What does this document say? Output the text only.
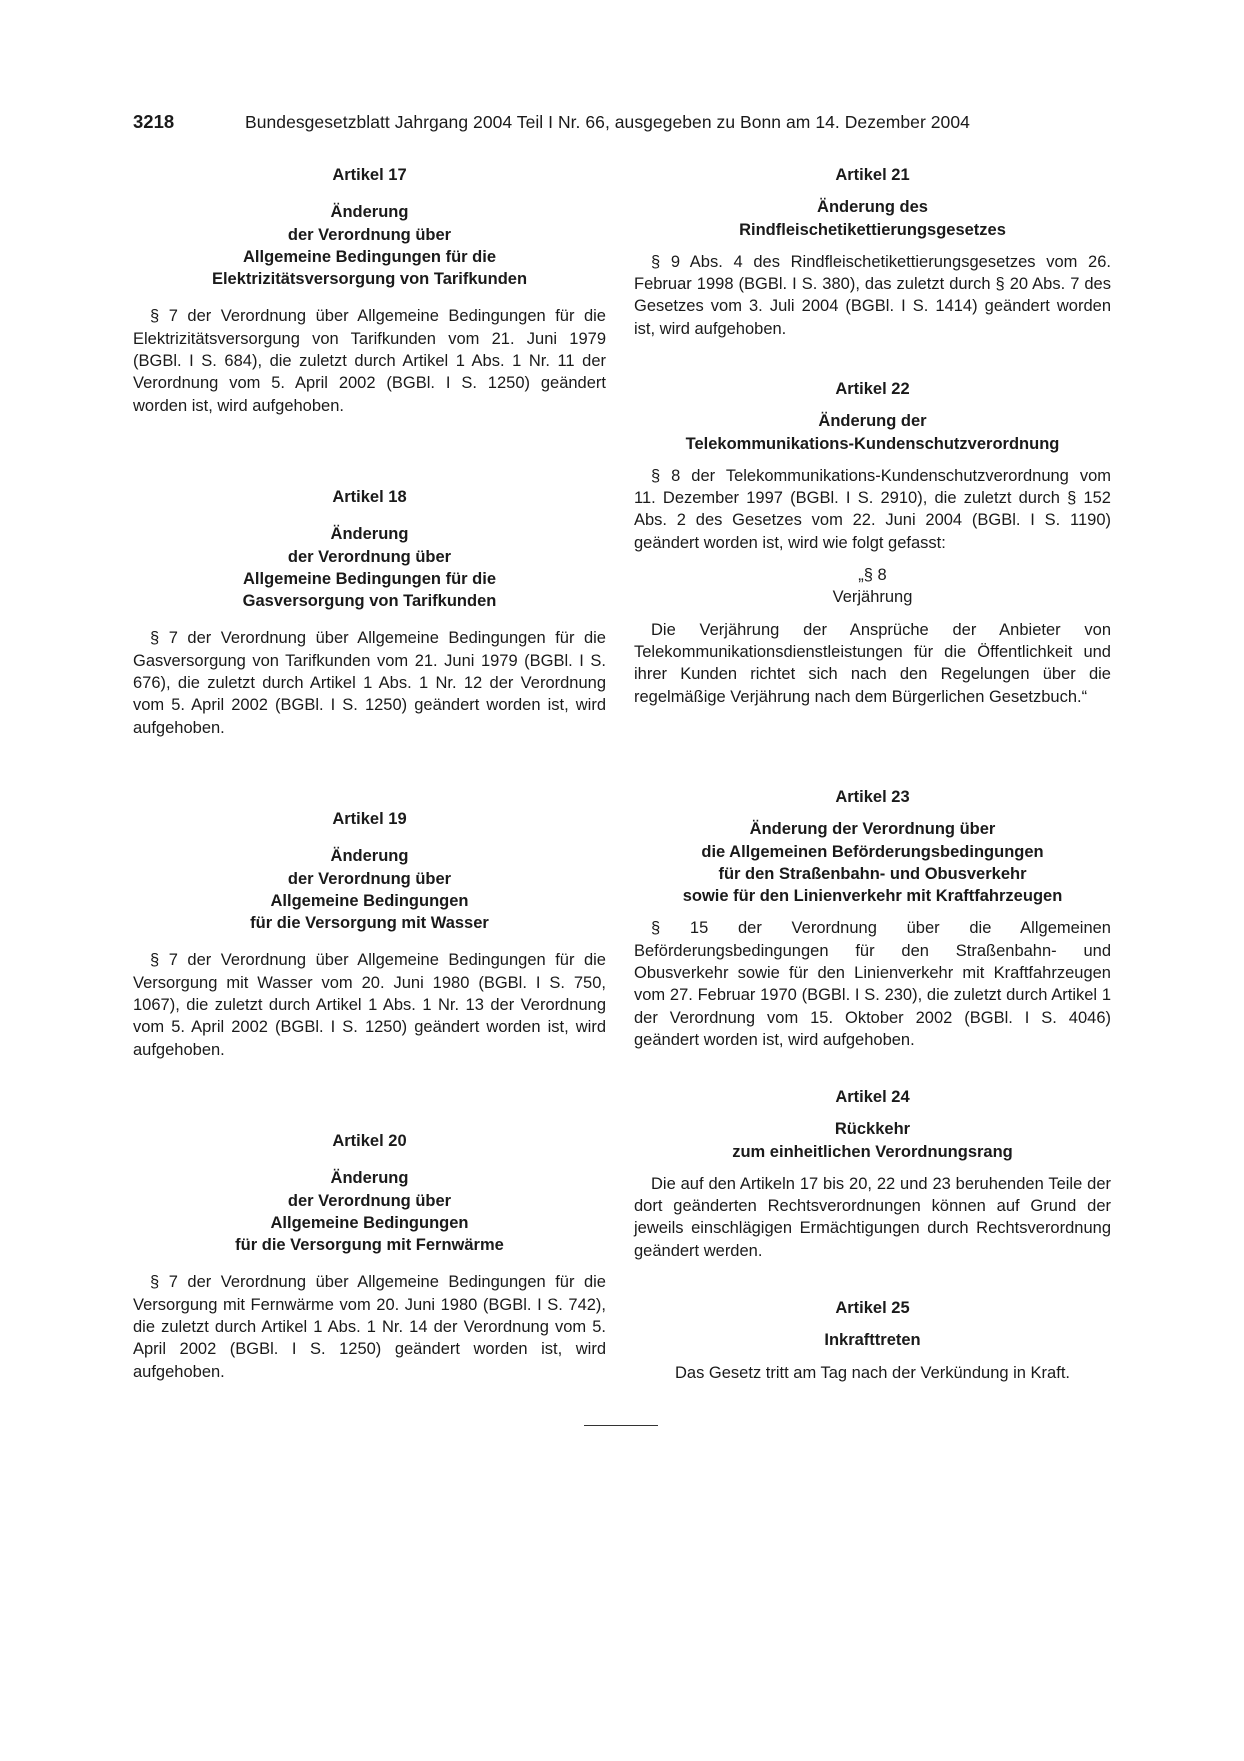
3218	Bundesgesetzblatt Jahrgang 2004 Teil I Nr. 66, ausgegeben zu Bonn am 14. Dezember 2004
Artikel 17
Änderung
der Verordnung über
Allgemeine Bedingungen für die
Elektrizitätsversorgung von Tarifkunden
§ 7 der Verordnung über Allgemeine Bedingungen für die Elektrizitätsversorgung von Tarifkunden vom 21. Juni 1979 (BGBl. I S. 684), die zuletzt durch Artikel 1 Abs. 1 Nr. 11 der Verordnung vom 5. April 2002 (BGBl. I S. 1250) geändert worden ist, wird aufgehoben.
Artikel 18
Änderung
der Verordnung über
Allgemeine Bedingungen für die
Gasversorgung von Tarifkunden
§ 7 der Verordnung über Allgemeine Bedingungen für die Gasversorgung von Tarifkunden vom 21. Juni 1979 (BGBl. I S. 676), die zuletzt durch Artikel 1 Abs. 1 Nr. 12 der Verordnung vom 5. April 2002 (BGBl. I S. 1250) geändert worden ist, wird aufgehoben.
Artikel 19
Änderung
der Verordnung über
Allgemeine Bedingungen
für die Versorgung mit Wasser
§ 7 der Verordnung über Allgemeine Bedingungen für die Versorgung mit Wasser vom 20. Juni 1980 (BGBl. I S. 750, 1067), die zuletzt durch Artikel 1 Abs. 1 Nr. 13 der Verordnung vom 5. April 2002 (BGBl. I S. 1250) geändert worden ist, wird aufgehoben.
Artikel 20
Änderung
der Verordnung über
Allgemeine Bedingungen
für die Versorgung mit Fernwärme
§ 7 der Verordnung über Allgemeine Bedingungen für die Versorgung mit Fernwärme vom 20. Juni 1980 (BGBl. I S. 742), die zuletzt durch Artikel 1 Abs. 1 Nr. 14 der Verordnung vom 5. April 2002 (BGBl. I S. 1250) geändert worden ist, wird aufgehoben.
Artikel 21
Änderung des
Rindfleischetikettierungsgesetzes
§ 9 Abs. 4 des Rindfleischetikettierungsgesetzes vom 26. Februar 1998 (BGBl. I S. 380), das zuletzt durch § 20 Abs. 7 des Gesetzes vom 3. Juli 2004 (BGBl. I S. 1414) geändert worden ist, wird aufgehoben.
Artikel 22
Änderung der
Telekommunikations-Kundenschutzverordnung
§ 8 der Telekommunikations-Kundenschutzverordnung vom 11. Dezember 1997 (BGBl. I S. 2910), die zuletzt durch § 152 Abs. 2 des Gesetzes vom 22. Juni 2004 (BGBl. I S. 1190) geändert worden ist, wird wie folgt gefasst:
„§ 8
Verjährung
Die Verjährung der Ansprüche der Anbieter von Telekommunikationsdienstleistungen für die Öffentlichkeit und ihrer Kunden richtet sich nach den Regelungen über die regelmäßige Verjährung nach dem Bürgerlichen Gesetzbuch.“
Artikel 23
Änderung der Verordnung über
die Allgemeinen Beförderungsbedingungen
für den Straßenbahn- und Obusverkehr
sowie für den Linienverkehr mit Kraftfahrzeugen
§ 15 der Verordnung über die Allgemeinen Beförderungsbedingungen für den Straßenbahn- und Obusverkehr sowie für den Linienverkehr mit Kraftfahrzeugen vom 27. Februar 1970 (BGBl. I S. 230), die zuletzt durch Artikel 1 der Verordnung vom 15. Oktober 2002 (BGBl. I S. 4046) geändert worden ist, wird aufgehoben.
Artikel 24
Rückkehr
zum einheitlichen Verordnungsrang
Die auf den Artikeln 17 bis 20, 22 und 23 beruhenden Teile der dort geänderten Rechtsverordnungen können auf Grund der jeweils einschlägigen Ermächtigungen durch Rechtsverordnung geändert werden.
Artikel 25
Inkrafttreten
Das Gesetz tritt am Tag nach der Verkündung in Kraft.
